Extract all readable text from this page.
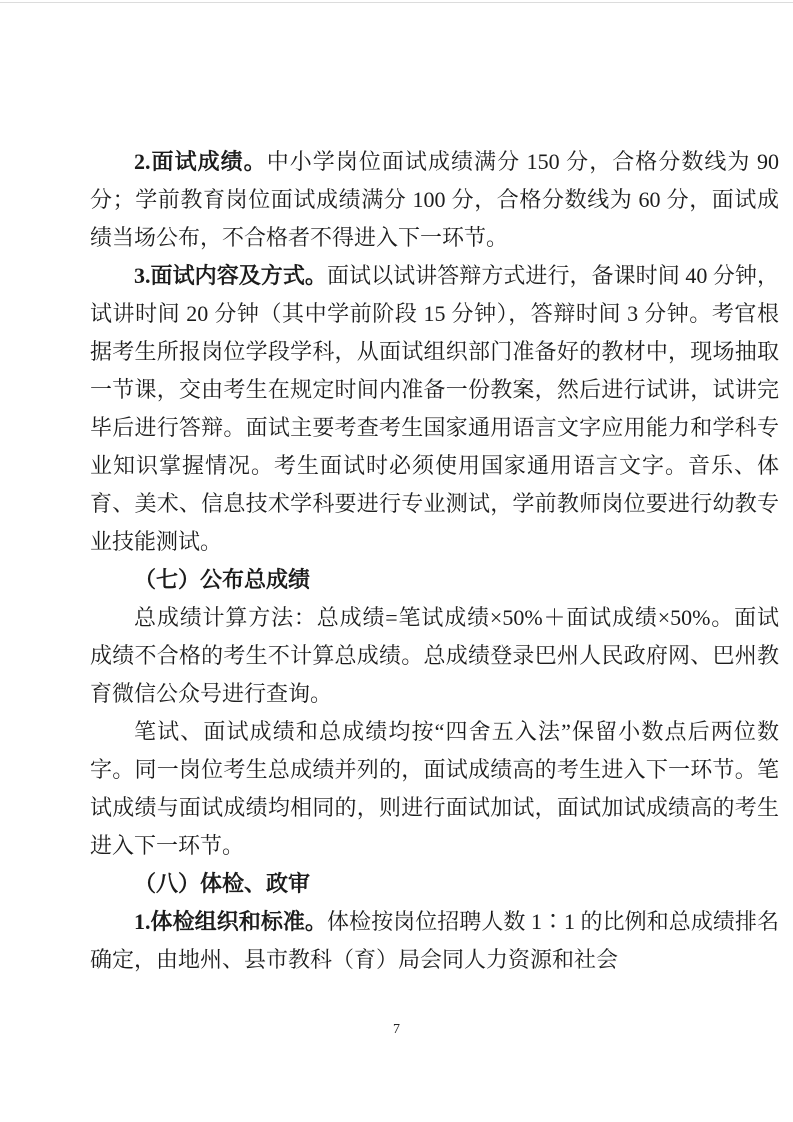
2.面试成绩。中小学岗位面试成绩满分 150 分，合格分数线为 90 分；学前教育岗位面试成绩满分 100 分，合格分数线为 60 分，面试成绩当场公布，不合格者不得进入下一环节。

3.面试内容及方式。面试以试讲答辩方式进行，备课时间 40 分钟，试讲时间 20 分钟（其中学前阶段 15 分钟），答辩时间 3 分钟。考官根据考生所报岗位学段学科，从面试组织部门准备好的教材中，现场抽取一节课，交由考生在规定时间内准备一份教案，然后进行试讲，试讲完毕后进行答辩。面试主要考查考生国家通用语言文字应用能力和学科专业知识掌握情况。考生面试时必须使用国家通用语言文字。音乐、体育、美术、信息技术学科要进行专业测试，学前教师岗位要进行幼教专业技能测试。

（七）公布总成绩

总成绩计算方法：总成绩=笔试成绩×50%＋面试成绩×50%。面试成绩不合格的考生不计算总成绩。总成绩登录巴州人民政府网、巴州教育微信公众号进行查询。

笔试、面试成绩和总成绩均按“四舍五入法”保留小数点后两位数字。同一岗位考生总成绩并列的，面试成绩高的考生进入下一环节。笔试成绩与面试成绩均相同的，则进行面试加试，面试加试成绩高的考生进入下一环节。

（八）体检、政审

1.体检组织和标准。体检按岗位招聘人数 1∶1 的比例和总成绩排名确定，由地州、县市教科（育）局会同人力资源和社会

7
